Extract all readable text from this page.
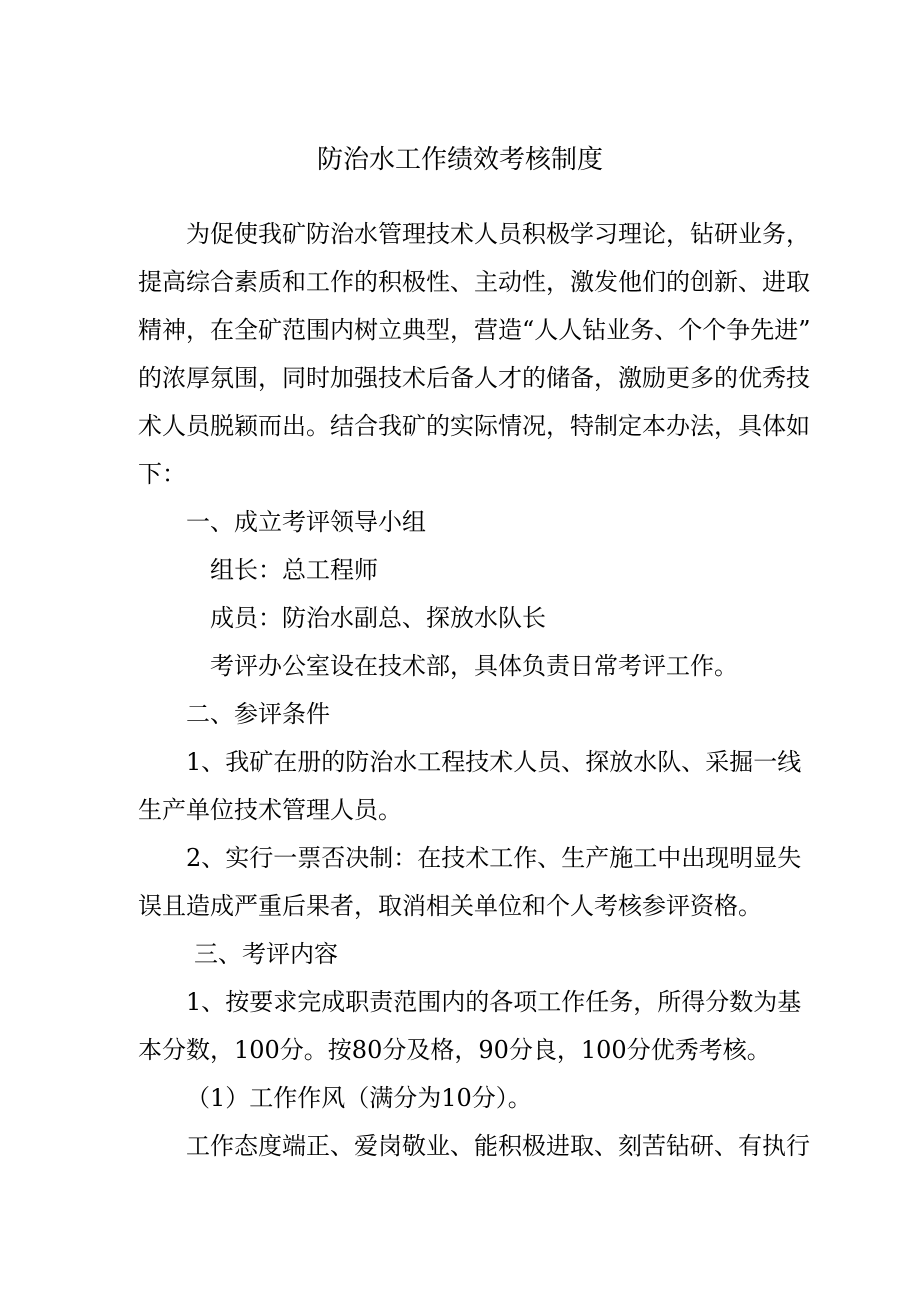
防治水工作绩效考核制度
为促使我矿防治水管理技术人员积极学习理论，钻研业务，
提高综合素质和工作的积极性、主动性，激发他们的创新、进取
精神，在全矿范围内树立典型，营造“人人钻业务、个个争先进”
的浓厚氛围，同时加强技术后备人才的储备，激励更多的优秀技
术人员脱颖而出。结合我矿的实际情况，特制定本办法，具体如
下：
一、成立考评领导小组
组长：总工程师
成员：防治水副总、探放水队长
考评办公室设在技术部，具体负责日常考评工作。
二、参评条件
1、我矿在册的防治水工程技术人员、探放水队、采掘一线
生产单位技术管理人员。
2、实行一票否决制：在技术工作、生产施工中出现明显失
误且造成严重后果者，取消相关单位和个人考核参评资格。
三、考评内容
1、按要求完成职责范围内的各项工作任务，所得分数为基
本分数，100分。按80分及格，90分良，100分优秀考核。
（1）工作作风（满分为10分）。
工作态度端正、爱岗敬业、能积极进取、刻苦钻研、有执行
